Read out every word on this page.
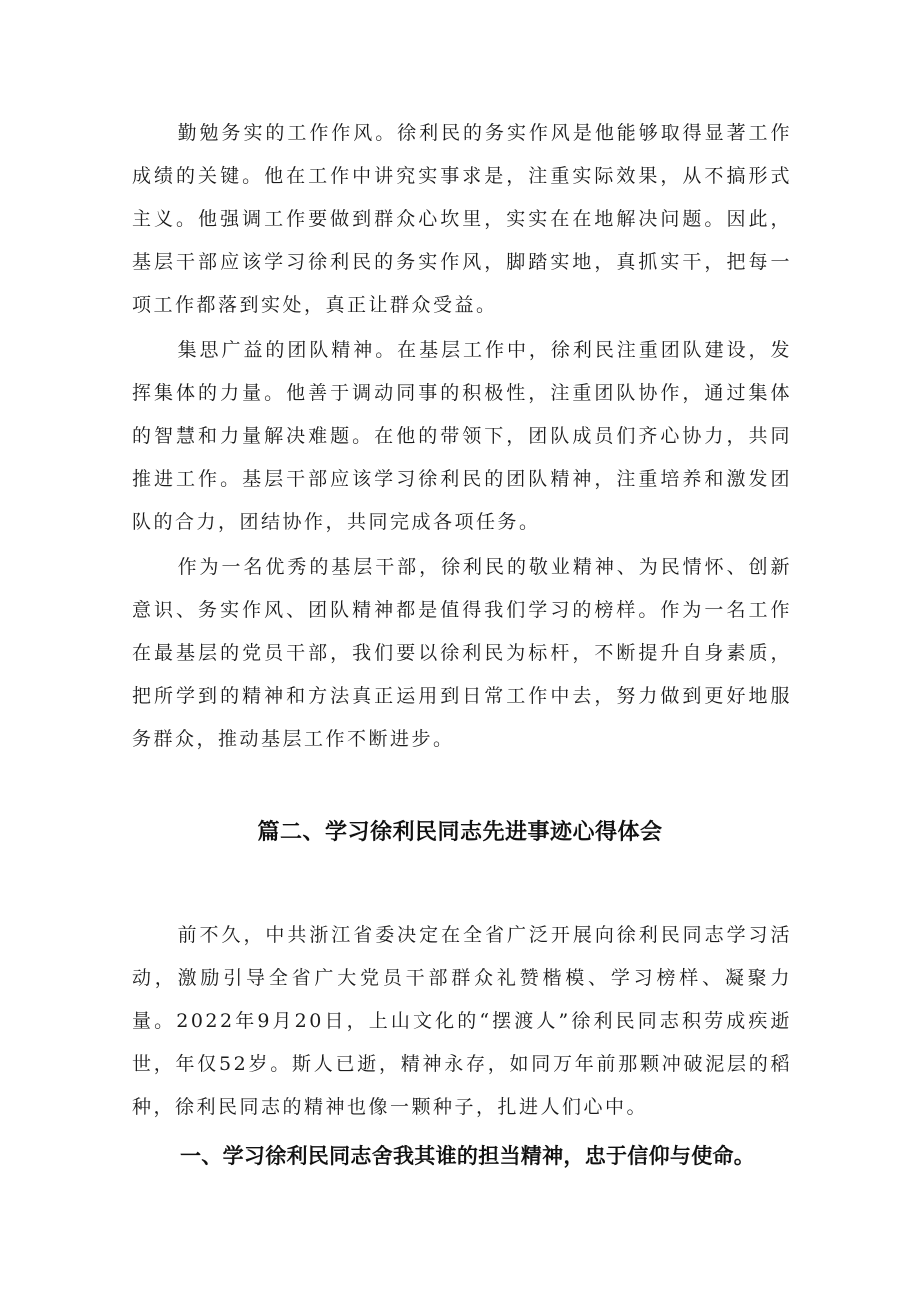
勤勉务实的工作作风。徐利民的务实作风是他能够取得显著工作成绩的关键。他在工作中讲究实事求是，注重实际效果，从不搞形式主义。他强调工作要做到群众心坎里，实实在在地解决问题。因此，基层干部应该学习徐利民的务实作风，脚踏实地，真抓实干，把每一项工作都落到实处，真正让群众受益。

集思广益的团队精神。在基层工作中，徐利民注重团队建设，发挥集体的力量。他善于调动同事的积极性，注重团队协作，通过集体的智慧和力量解决难题。在他的带领下，团队成员们齐心协力，共同推进工作。基层干部应该学习徐利民的团队精神，注重培养和激发团队的合力，团结协作，共同完成各项任务。

作为一名优秀的基层干部，徐利民的敬业精神、为民情怀、创新意识、务实作风、团队精神都是值得我们学习的榜样。作为一名工作在最基层的党员干部，我们要以徐利民为标杆，不断提升自身素质，把所学到的精神和方法真正运用到日常工作中去，努力做到更好地服务群众，推动基层工作不断进步。

篇二、学习徐利民同志先进事迹心得体会

前不久，中共浙江省委决定在全省广泛开展向徐利民同志学习活动，激励引导全省广大党员干部群众礼赞楷模、学习榜样、凝聚力量。2022年9月20日，上山文化的“摆渡人”徐利民同志积劳成疾逝世，年仅52岁。斯人已逝，精神永存，如同万年前那颗冲破泥层的稻种，徐利民同志的精神也像一颗种子，扎进人们心中。

一、学习徐利民同志舍我其谁的担当精神，忠于信仰与使命。
